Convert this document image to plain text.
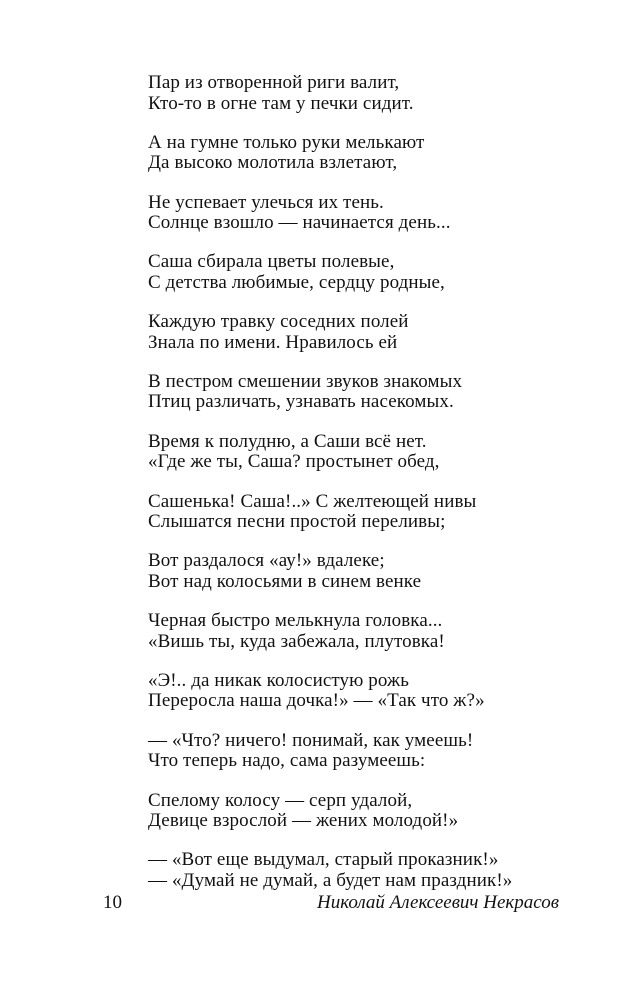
Пар из отворенной риги валит,
Кто-то в огне там у печки сидит.
А на гумне только руки мелькают
Да высоко молотила взлетают,
Не успевает улечься их тень.
Солнце взошло — начинается день...
Саша сбирала цветы полевые,
С детства любимые, сердцу родные,
Каждую травку соседних полей
Знала по имени. Нравилось ей
В пестром смешении звуков знакомых
Птиц различать, узнавать насекомых.
Время к полудню, а Саши всё нет.
«Где же ты, Саша? простынет обед,
Сашенька! Саша!..» С желтеющей нивы
Слышатся песни простой переливы;
Вот раздалося «ау!» вдалеке;
Вот над колосьями в синем венке
Черная быстро мелькнула головка...
«Вишь ты, куда забежала, плутовка!
«Э!.. да никак колосистую рожь
Переросла наша дочка!» — «Так что ж?»
— «Что? ничего! понимай, как умеешь!
Что теперь надо, сама разумеешь:
Спелому колосу — серп удалой,
Девице взрослой — жених молодой!»
— «Вот еще выдумал, старый проказник!»
— «Думай не думай, а будет нам праздник!»
10	Николай Алексеевич Некрасов
